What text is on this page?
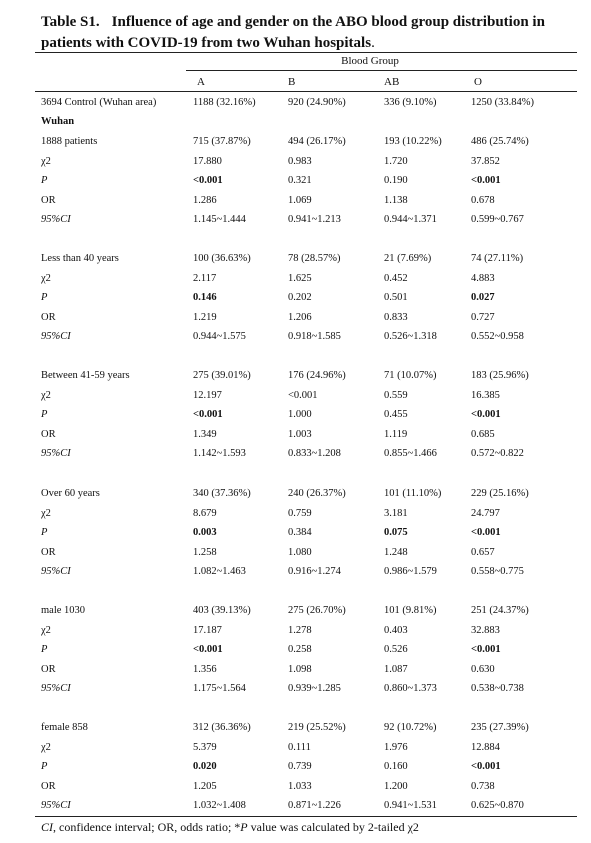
Table S1. Influence of age and gender on the ABO blood group distribution in patients with COVID-19 from two Wuhan hospitals.
Blood Group
A	B	AB	O
3694 Control (Wuhan area)	1188 (32.16%)	920 (24.90%)	336 (9.10%)	1250 (33.84%)
Wuhan
1888 patients	715 (37.87%)	494 (26.17%)	193 (10.22%)	486 (25.74%)
χ2	17.880	0.983	1.720	37.852
P	<0.001	0.321	0.190	<0.001
OR	1.286	1.069	1.138	0.678
95%CI	1.145~1.444	0.941~1.213	0.944~1.371	0.599~0.767
Less than 40 years	100 (36.63%)	78 (28.57%)	21 (7.69%)	74 (27.11%)
χ2	2.117	1.625	0.452	4.883
P	0.146	0.202	0.501	0.027
OR	1.219	1.206	0.833	0.727
95%CI	0.944~1.575	0.918~1.585	0.526~1.318	0.552~0.958
Between 41-59 years	275 (39.01%)	176 (24.96%)	71 (10.07%)	183 (25.96%)
χ2	12.197	<0.001	0.559	16.385
P	<0.001	1.000	0.455	<0.001
OR	1.349	1.003	1.119	0.685
95%CI	1.142~1.593	0.833~1.208	0.855~1.466	0.572~0.822
Over 60 years	340 (37.36%)	240 (26.37%)	101 (11.10%)	229 (25.16%)
χ2	8.679	0.759	3.181	24.797
P	0.003	0.384	0.075	<0.001
OR	1.258	1.080	1.248	0.657
95%CI	1.082~1.463	0.916~1.274	0.986~1.579	0.558~0.775
male 1030	403 (39.13%)	275 (26.70%)	101 (9.81%)	251 (24.37%)
χ2	17.187	1.278	0.403	32.883
P	<0.001	0.258	0.526	<0.001
OR	1.356	1.098	1.087	0.630
95%CI	1.175~1.564	0.939~1.285	0.860~1.373	0.538~0.738
female 858	312 (36.36%)	219 (25.52%)	92 (10.72%)	235 (27.39%)
χ2	5.379	0.111	1.976	12.884
P	0.020	0.739	0.160	<0.001
OR	1.205	1.033	1.200	0.738
95%CI	1.032~1.408	0.871~1.226	0.941~1.531	0.625~0.870
CI, confidence interval; OR, odds ratio; *P value was calculated by 2-tailed χ2
